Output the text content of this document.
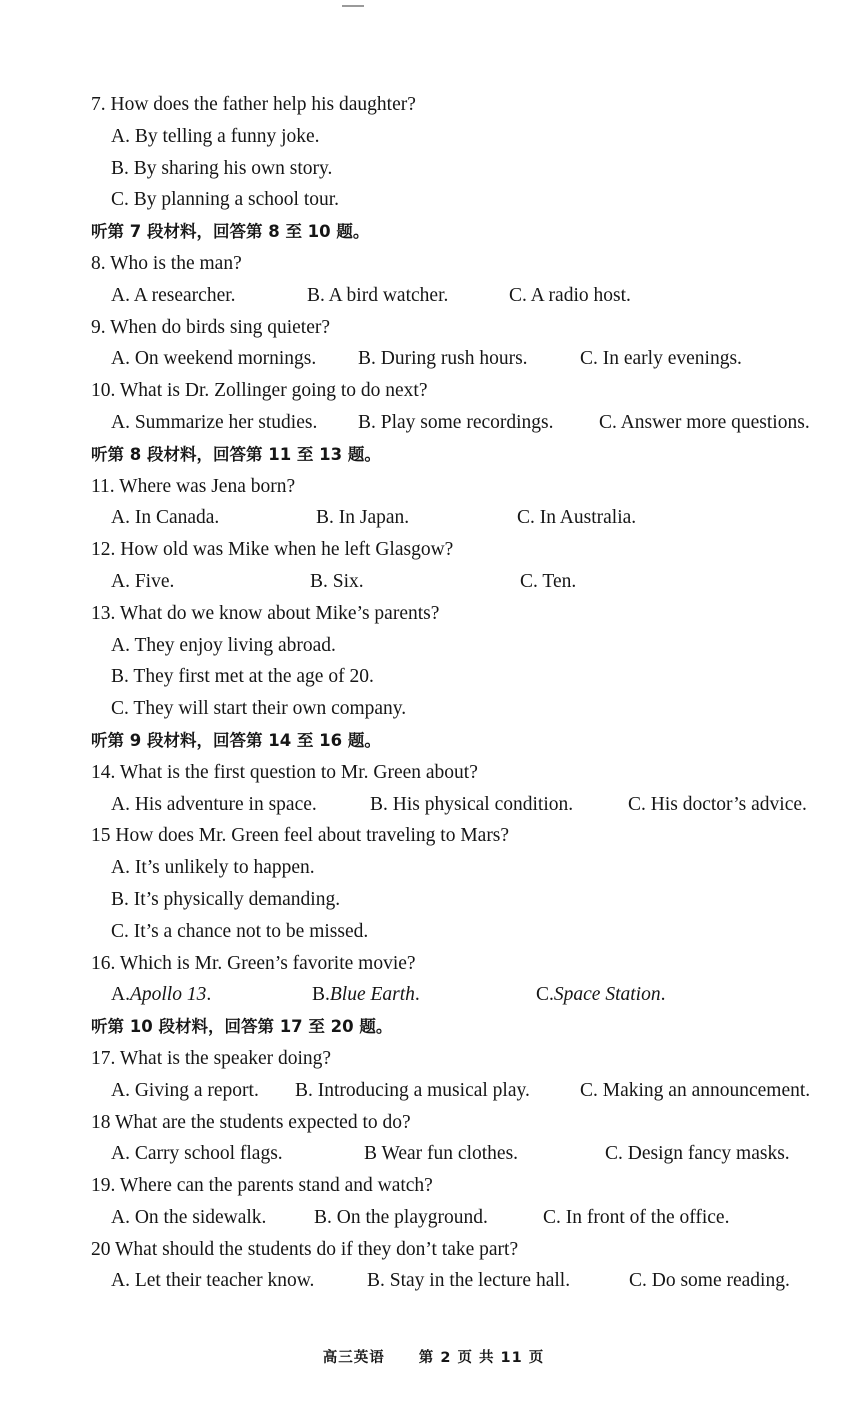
7. How does the father help his daughter?
A. By telling a funny joke.
B. By sharing his own story.
C. By planning a school tour.
听第 7 段材料，回答第 8 至 10 题。
8. Who is the man?
A. A researcher.	B. A bird watcher.	C. A radio host.
9. When do birds sing quieter?
A. On weekend mornings.	B. During rush hours.	C. In early evenings.
10. What is Dr. Zollinger going to do next?
A. Summarize her studies.	B. Play some recordings.	C. Answer more questions.
听第 8 段材料，回答第 11 至 13 题。
11. Where was Jena born?
A. In Canada.	B. In Japan.	C. In Australia.
12. How old was Mike when he left Glasgow?
A. Five.	B. Six.	C. Ten.
13. What do we know about Mike’s parents?
A. They enjoy living abroad.
B. They first met at the age of 20.
C. They will start their own company.
听第 9 段材料，回答第 14 至 16 题。
14. What is the first question to Mr. Green about?
A. His adventure in space.	B. His physical condition.	C. His doctor’s advice.
15 How does Mr. Green feel about traveling to Mars?
A. It’s unlikely to happen.
B. It’s physically demanding.
C. It’s a chance not to be missed.
16. Which is Mr. Green’s favorite movie?
A.Apollo 13.	B.Blue Earth.	C.Space Station.
听第 10 段材料，回答第 17 至 20 题。
17. What is the speaker doing?
A. Giving a report.	B. Introducing a musical play.	C. Making an announcement.
18 What are the students expected to do?
A. Carry school flags.	B Wear fun clothes.	C. Design fancy masks.
19. Where can the parents stand and watch?
A. On the sidewalk.	B. On the playground.	C. In front of the office.
20 What should the students do if they don’t take part?
A. Let their teacher know.	B. Stay in the lecture hall.	C. Do some reading.
高三英语 第 2 页 共 11 页
